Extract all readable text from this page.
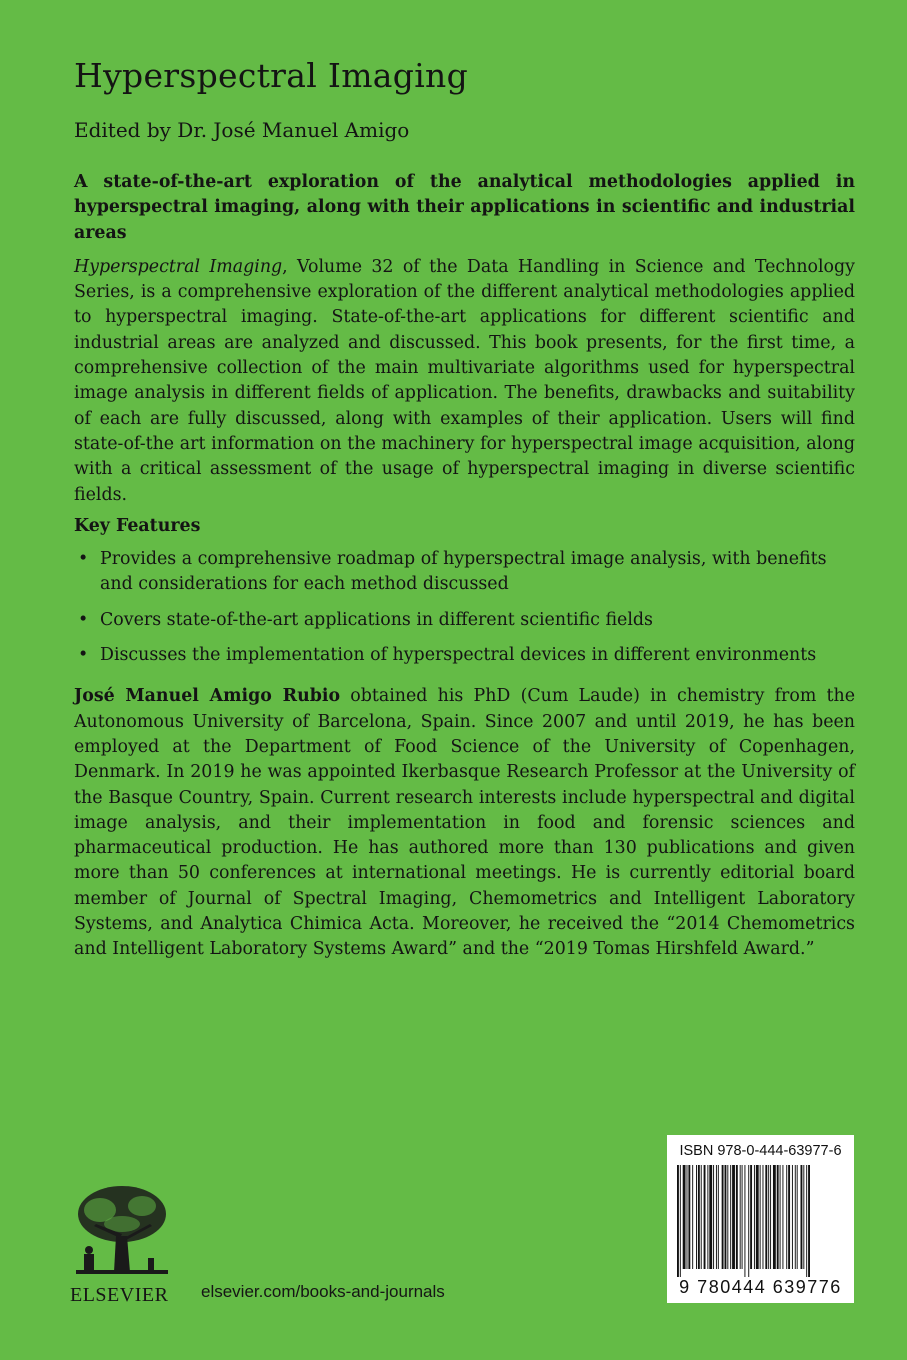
Hyperspectral Imaging
Edited by Dr. José Manuel Amigo

A state-of-the-art exploration of the analytical methodologies applied in hyperspectral imaging, along with their applications in scientific and industrial areas

Hyperspectral Imaging, Volume 32 of the Data Handling in Science and Technology Series, is a comprehensive exploration of the different analytical methodologies applied to hyperspectral imaging. State-of-the-art applications for different scientific and industrial areas are analyzed and discussed. This book presents, for the first time, a comprehensive collection of the main multivariate algorithms used for hyperspectral image analysis in different fields of application. The benefits, drawbacks and suitability of each are fully discussed, along with examples of their application. Users will find state-of-the art information on the machinery for hyperspectral image acquisition, along with a critical assessment of the usage of hyperspectral imaging in diverse scientific fields.

Key Features
• Provides a comprehensive roadmap of hyperspectral image analysis, with benefits and considerations for each method discussed
• Covers state-of-the-art applications in different scientific fields
• Discusses the implementation of hyperspectral devices in different environments

José Manuel Amigo Rubio obtained his PhD (Cum Laude) in chemistry from the Autonomous University of Barcelona, Spain. Since 2007 and until 2019, he has been employed at the Department of Food Science of the University of Copenhagen, Denmark. In 2019 he was appointed Ikerbasque Research Professor at the University of the Basque Country, Spain. Current research interests include hyperspectral and digital image analysis, and their implementation in food and forensic sciences and pharmaceutical production. He has authored more than 130 publications and given more than 50 conferences at international meetings. He is currently editorial board member of Journal of Spectral Imaging, Chemometrics and Intelligent Laboratory Systems, and Analytica Chimica Acta. Moreover, he received the “2014 Chemometrics and Intelligent Laboratory Systems Award” and the “2019 Tomas Hirshfeld Award.”

ELSEVIER elsevier.com/books-and-journals
ISBN 978-0-444-63977-6
9 780444 639776
